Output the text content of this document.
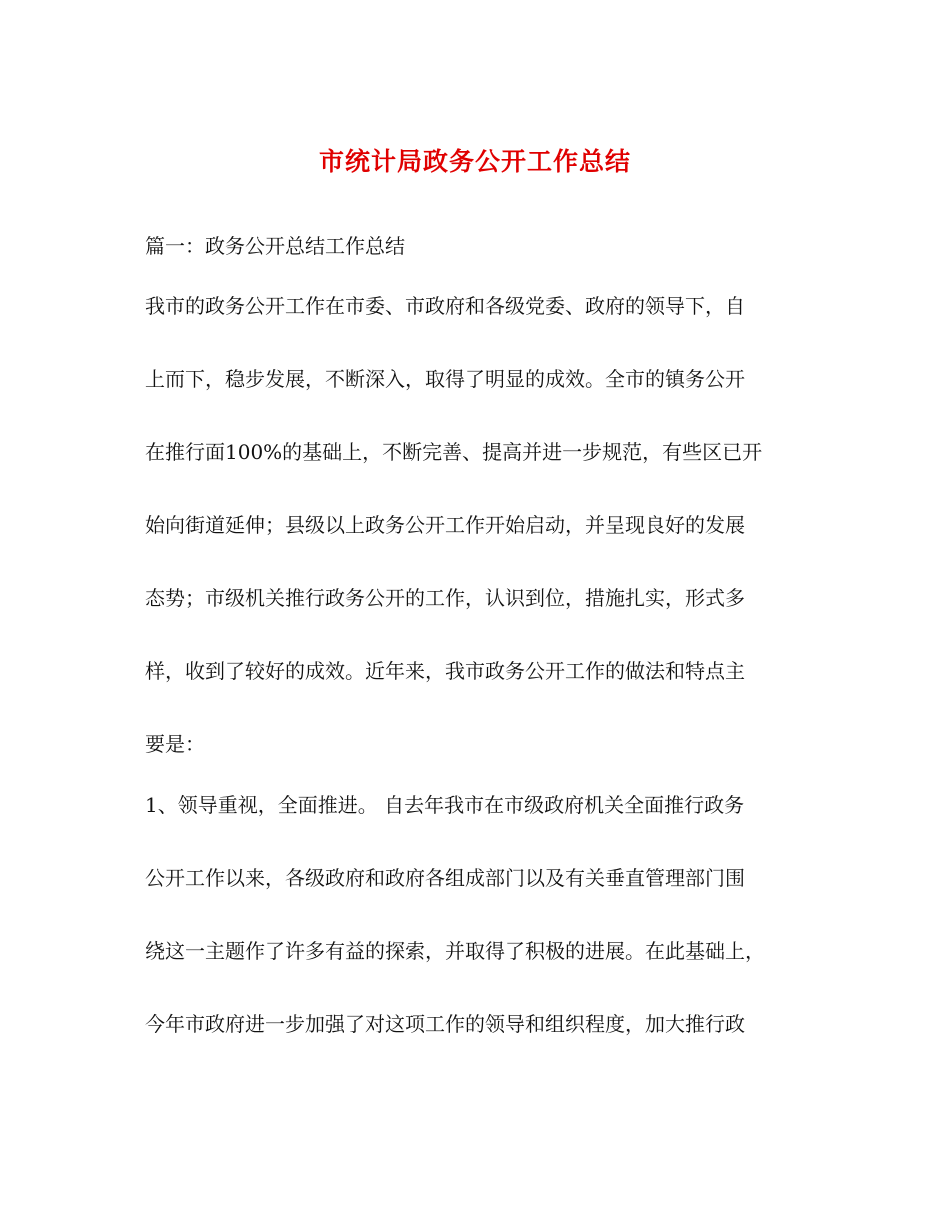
市统计局政务公开工作总结

篇一：政务公开总结工作总结

我市的政务公开工作在市委、市政府和各级党委、政府的领导下，自

上而下，稳步发展，不断深入，取得了明显的成效。全市的镇务公开

在推行面100%的基础上，不断完善、提高并进一步规范，有些区已开

始向街道延伸；县级以上政务公开工作开始启动，并呈现良好的发展

态势；市级机关推行政务公开的工作，认识到位，措施扎实，形式多

样，收到了较好的成效。近年来，我市政务公开工作的做法和特点主

要是：

1、领导重视，全面推进。 自去年我市在市级政府机关全面推行政务

公开工作以来，各级政府和政府各组成部门以及有关垂直管理部门围

绕这一主题作了许多有益的探索，并取得了积极的进展。在此基础上，

今年市政府进一步加强了对这项工作的领导和组织程度，加大推行政
